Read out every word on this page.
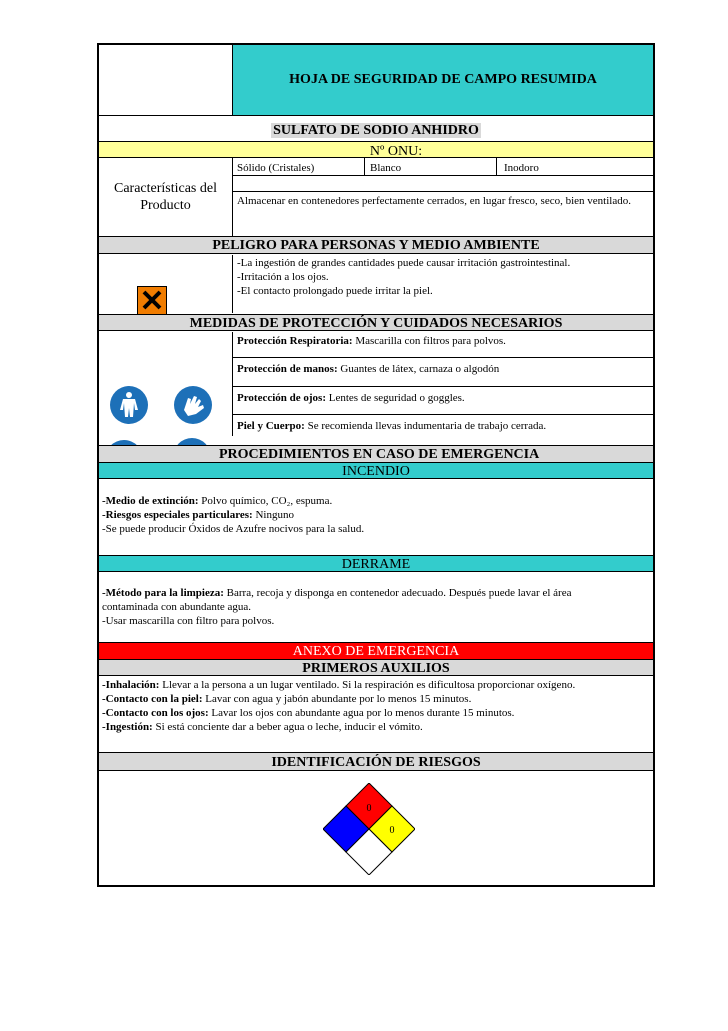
HOJA DE SEGURIDAD DE CAMPO RESUMIDA
SULFATO DE SODIO ANHIDRO
Nº ONU:
Características del Producto
Sólido (Cristales)	Blanco	Inodoro
Almacenar en contenedores perfectamente cerrados, en lugar fresco, seco, bien ventilado.
PELIGRO PARA PERSONAS Y MEDIO AMBIENTE
-La ingestión de grandes cantidades puede causar irritación gastrointestinal.
-Irritación a los ojos.
-El contacto prolongado puede irritar la piel.
MEDIDAS DE PROTECCIÓN Y CUIDADOS NECESARIOS
Protección Respiratoria: Mascarilla con filtros para polvos.
Protección de manos: Guantes de látex, carnaza o algodón
Protección de ojos: Lentes de seguridad o goggles.
Piel y Cuerpo: Se recomienda llevas indumentaria de trabajo cerrada.
PROCEDIMIENTOS EN CASO DE EMERGENCIA
INCENDIO
-Medio de extinción: Polvo químico, CO₂, espuma.
-Riesgos especiales particulares: Ninguno
-Se puede producir Óxidos de Azufre nocivos para la salud.
DERRAME
-Método para la limpieza: Barra, recoja y disponga en contenedor adecuado. Después puede lavar el área
contaminada con abundante agua.
-Usar mascarilla con filtro para polvos.
ANEXO DE EMERGENCIA
PRIMEROS AUXILIOS
-Inhalación: Llevar a la persona a un lugar ventilado. Si la respiración es dificultosa proporcionar oxígeno.
-Contacto con la piel: Lavar con agua y jabón abundante por lo menos 15 minutos.
-Contacto con los ojos: Lavar los ojos con abundante agua por lo menos durante 15 minutos.
-Ingestión: Si está conciente dar a beber agua o leche, inducir el vómito.
IDENTIFICACIÓN DE RIESGOS
0
0
